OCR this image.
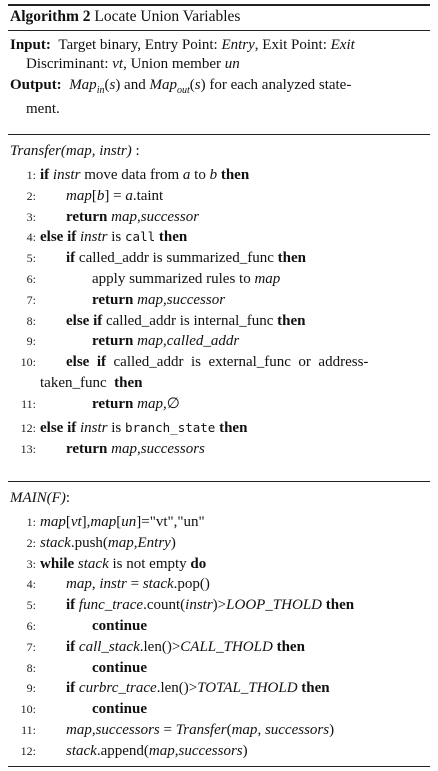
Algorithm 2 Locate Union Variables
Input:  Target binary, Entry Point: Entry, Exit Point: Exit
Discriminant: vt, Union member un
Output: Map$_{in}$(s) and Map$_{out}$(s) for each analyzed state-
ment.
Transfer(map, instr) :
1: if instr move data from a to b then
2:	map[b] = a.taint
3:	return map,successor
4: else if instr is call then
5:	if called_addr is summarized_func then
6:	apply summarized rules to map
7:	return map,successor
8:	else if called_addr is internal_func then
9:	return map,called_addr
10:	else if  called_addr  is  external_func  or  address-
taken_func  then
11:	return map,∅
12: else if instr is branch_state then
13:	return map,successors
MAIN(F):
1: map[vt],map[un]="vt","un"
2: stack.push(map,Entry)
3: while stack is not empty do
4:	map, instr = stack.pop()
5:	if func_trace.count(instr)>LOOP_THOLD then
6:	continue
7:	if call_stack.len()>CALL_THOLD then
8:	continue
9:	if curbrc_trace.len()>TOTAL_THOLD then
10:	continue
11:	map,successors = Transfer(map, successors)
12:	stack.append(map,successors)
